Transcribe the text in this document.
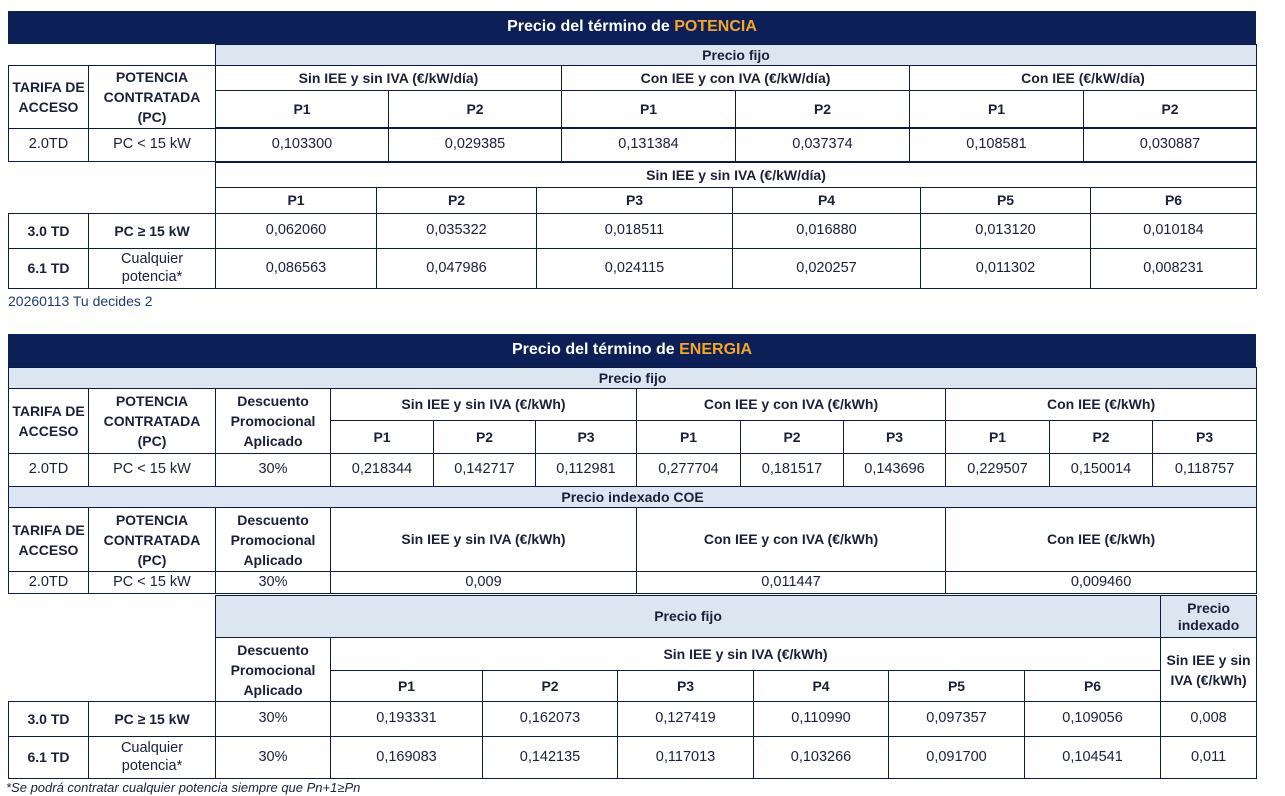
Precio del término de POTENCIA
		Precio fijo					
TARIFA DE ACCESO	POTENCIA CONTRATADA (PC)	Sin IEE y sin IVA (€/kW/día)		Con IEE y con IVA (€/kW/día)		Con IEE (€/kW/día)	
		P1	P2	P1	P2	P1	P2

2.0TD	PC < 15 kW	0,103300	0,029385	0,131384	0,037374	0,108581	0,030887
		Sin IEE y sin IVA (€/kW/día)					
		P1	P2	P3	P4	P5	P6
3.0 TD	PC ≥ 15 kW	0,062060	0,035322	0,018511	0,016880	0,013120	0,010184
6.1 TD	Cualquier potencia*	0,086563	0,047986	0,024115	0,020257	0,011302	0,008231
20260113 Tu decides 2
Precio del término de ENERGIA
Precio fijo											
TARIFA DE ACCESO	POTENCIA CONTRATADA (PC)	Descuento Promocional Aplicado	Sin IEE y sin IVA (€/kWh)			Con IEE y con IVA (€/kWh)			Con IEE (€/kWh)		
			P1	P2	P3	P1	P2	P3	P1	P2	P3
2.0TD	PC < 15 kW	30%	0,218344	0,142717	0,112981	0,277704	0,181517	0,143696	0,229507	0,150014	0,118757
Precio indexado COE											
TARIFA DE ACCESO	POTENCIA CONTRATADA (PC)	Descuento Promocional Aplicado	Sin IEE y sin IVA (€/kWh)			Con IEE y con IVA (€/kWh)			Con IEE (€/kWh)		
2.0TD	PC < 15 kW	30%	0,009			0,011447			0,009460		
		Precio fijo							Precio indexado
		Descuento Promocional Aplicado	Sin IEE y sin IVA (€/kWh)						Sin IEE y sin IVA (€/kWh)
			P1	P2	P3	P4	P5	P6	
3.0 TD	PC ≥ 15 kW	30%	0,193331	0,162073	0,127419	0,110990	0,097357	0,109056	0,008
6.1 TD	Cualquier potencia*	30%	0,169083	0,142135	0,117013	0,103266	0,091700	0,104541	0,011
*Se podrá contratar cualquier potencia siempre que Pn+1≥Pn
